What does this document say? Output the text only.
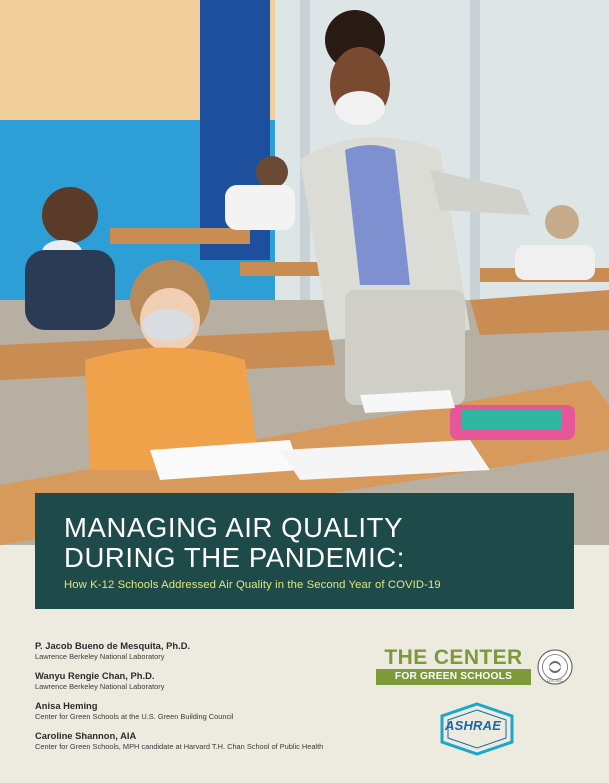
MANAGING AIR QUALITY
DURING THE PANDEMIC:

How K-12 Schools Addressed Air Quality in the Second Year of COVID-19

P. Jacob Bueno de Mesquita, Ph.D.
Lawrence Berkeley National Laboratory
Wanyu Rengie Chan, Ph.D.
Lawrence Berkeley National Laboratory
Anisa Heming
Center for Green Schools at the U.S. Green Building Council
Caroline Shannon, AIA
Center for Green Schools, MPH candidate at Harvard T.H. Chan School of Public Health
THE CENTER
FOR GREEN SCHOOLS	USGBC
ASHRAE
